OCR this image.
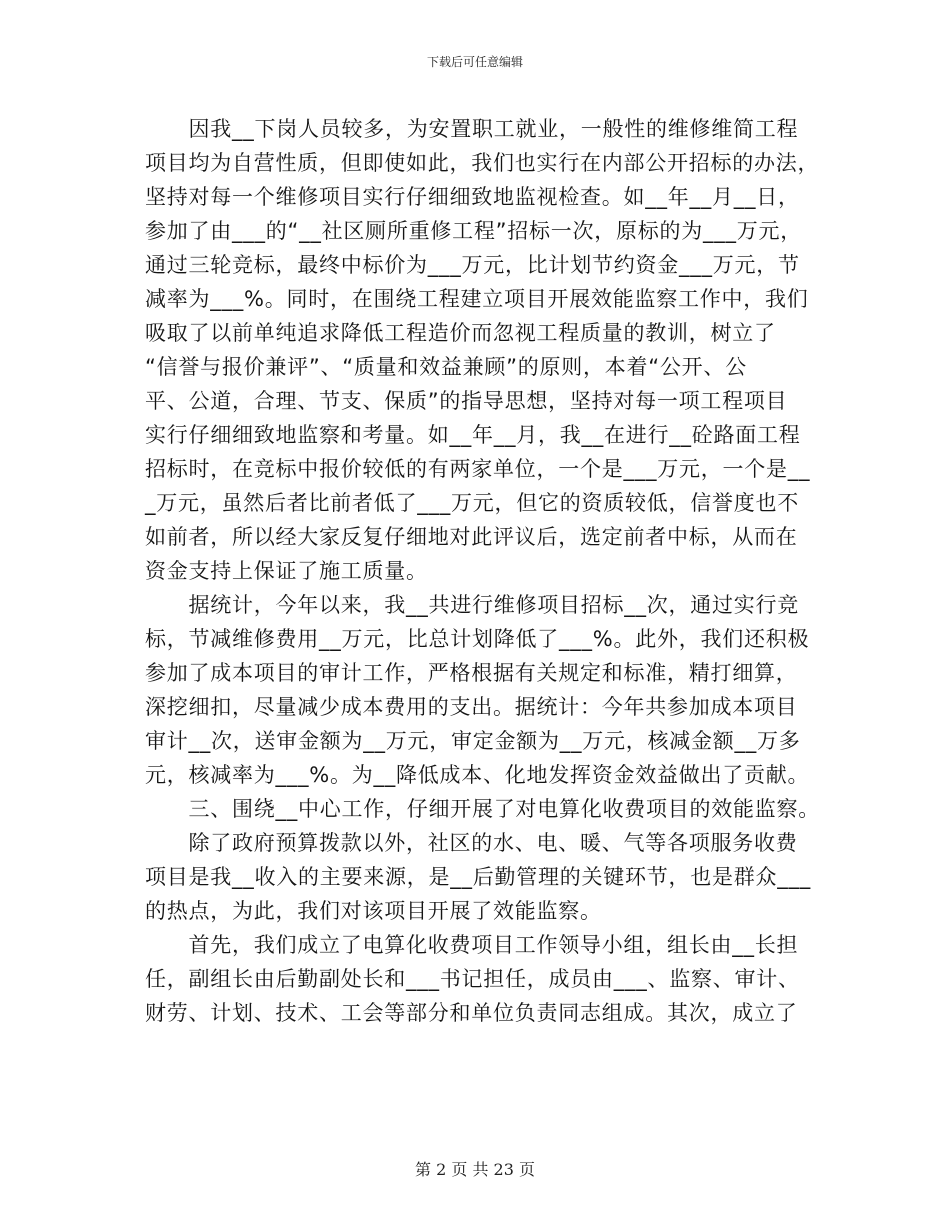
下载后可任意编辑
　　因我__下岗人员较多，为安置职工就业，一般性的维修维简工程
项目均为自营性质，但即使如此，我们也实行在内部公开招标的办法，
坚持对每一个维修项目实行仔细细致地监视检查。如__年__月__日，
参加了由___的“__社区厕所重修工程”招标一次，原标的为___万元，
通过三轮竞标，最终中标价为___万元，比计划节约资金___万元，节
减率为___%。同时，在围绕工程建立项目开展效能监察工作中，我们
吸取了以前单纯追求降低工程造价而忽视工程质量的教训，树立了
“信誉与报价兼评”、“质量和效益兼顾”的原则，本着“公开、公
平、公道，合理、节支、保质”的指导思想，坚持对每一项工程项目
实行仔细细致地监察和考量。如__年__月，我__在进行__砼路面工程
招标时，在竞标中报价较低的有两家单位，一个是___万元，一个是__
_万元，虽然后者比前者低了___万元，但它的资质较低，信誉度也不
如前者，所以经大家反复仔细地对此评议后，选定前者中标，从而在
资金支持上保证了施工质量。
　　据统计，今年以来，我__共进行维修项目招标__次，通过实行竞
标，节减维修费用__万元，比总计划降低了___%。此外，我们还积极
参加了成本项目的审计工作，严格根据有关规定和标准，精打细算，
深挖细扣，尽量减少成本费用的支出。据统计：今年共参加成本项目
审计__次，送审金额为__万元，审定金额为__万元，核减金额__万多
元，核减率为___%。为__降低成本、化地发挥资金效益做出了贡献。
　　三、围绕__中心工作，仔细开展了对电算化收费项目的效能监察。
　　除了政府预算拨款以外，社区的水、电、暖、气等各项服务收费
项目是我__收入的主要来源，是__后勤管理的关键环节，也是群众___
的热点，为此，我们对该项目开展了效能监察。
　　首先，我们成立了电算化收费项目工作领导小组，组长由__长担
任，副组长由后勤副处长和___书记担任，成员由___、监察、审计、
财劳、计划、技术、工会等部分和单位负责同志组成。其次，成立了
第 2 页 共 23 页
